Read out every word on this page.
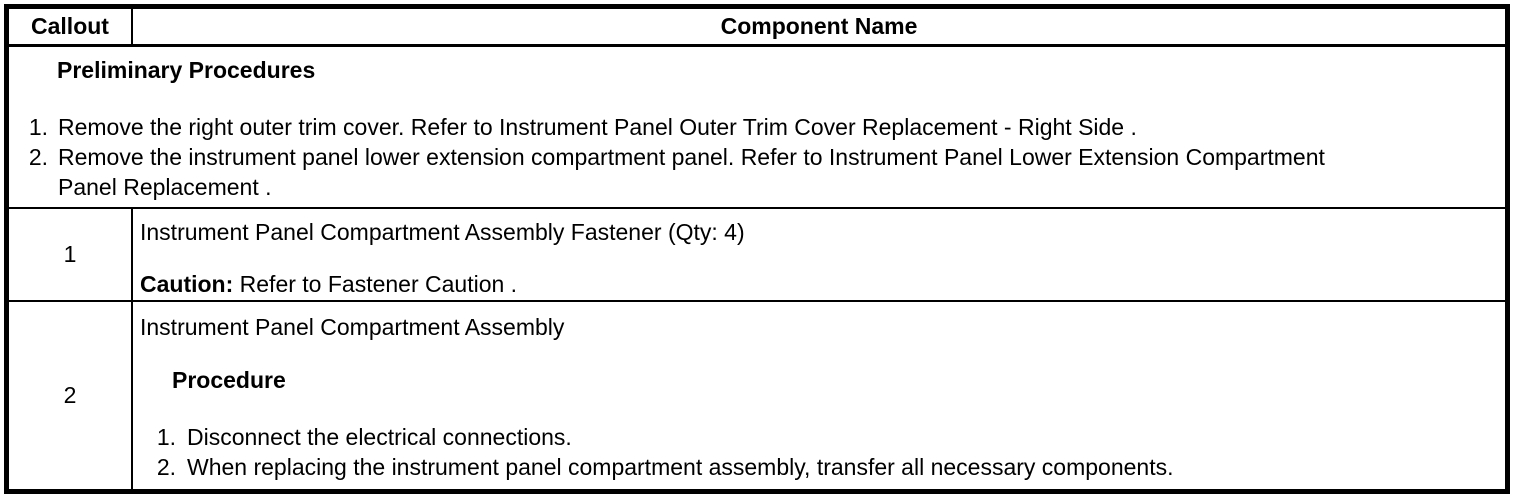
Callout	Component Name
Preliminary Procedures
1. Remove the right outer trim cover. Refer to Instrument Panel Outer Trim Cover Replacement - Right Side .
2. Remove the instrument panel lower extension compartment panel. Refer to Instrument Panel Lower Extension Compartment Panel Replacement .
1

Instrument Panel Compartment Assembly Fastener (Qty: 4)

Caution: Refer to Fastener Caution .

2

Instrument Panel Compartment Assembly

Procedure

1. Disconnect the electrical connections.
2. When replacing the instrument panel compartment assembly, transfer all necessary components.
